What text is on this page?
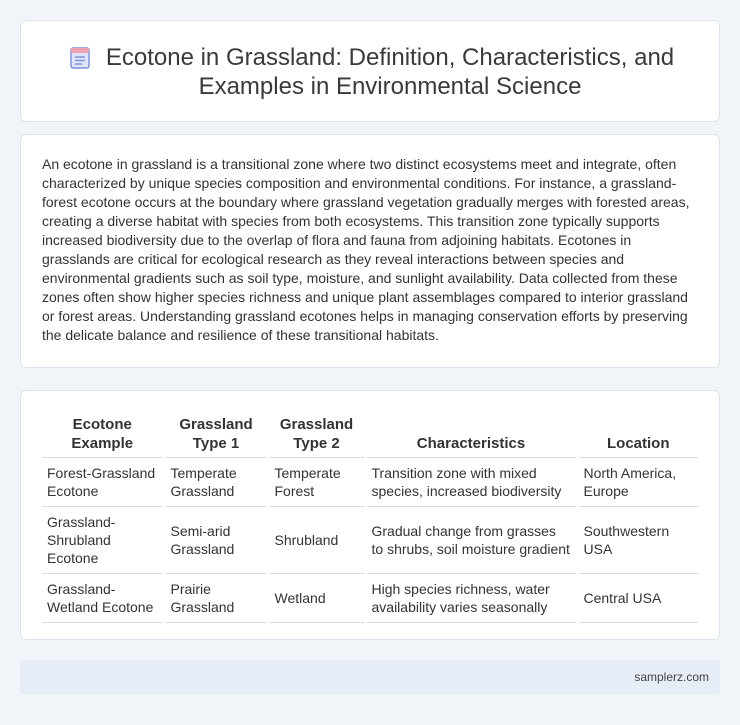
Ecotone in Grassland: Definition, Characteristics, and Examples in Environmental Science

An ecotone in grassland is a transitional zone where two distinct ecosystems meet and integrate, often characterized by unique species composition and environmental conditions. For instance, a grassland-forest ecotone occurs at the boundary where grassland vegetation gradually merges with forested areas, creating a diverse habitat with species from both ecosystems. This transition zone typically supports increased biodiversity due to the overlap of flora and fauna from adjoining habitats. Ecotones in grasslands are critical for ecological research as they reveal interactions between species and environmental gradients such as soil type, moisture, and sunlight availability. Data collected from these zones often show higher species richness and unique plant assemblages compared to interior grassland or forest areas. Understanding grassland ecotones helps in managing conservation efforts by preserving the delicate balance and resilience of these transitional habitats.

Ecotone Example	Grassland Type 1	Grassland Type 2	Characteristics	Location
Forest-Grassland Ecotone	Temperate Grassland	Temperate Forest	Transition zone with mixed species, increased biodiversity	North America, Europe
Grassland-Shrubland Ecotone	Semi-arid Grassland	Shrubland	Gradual change from grasses to shrubs, soil moisture gradient	Southwestern USA
Grassland-Wetland Ecotone	Prairie Grassland	Wetland	High species richness, water availability varies seasonally	Central USA
samplerz.com
